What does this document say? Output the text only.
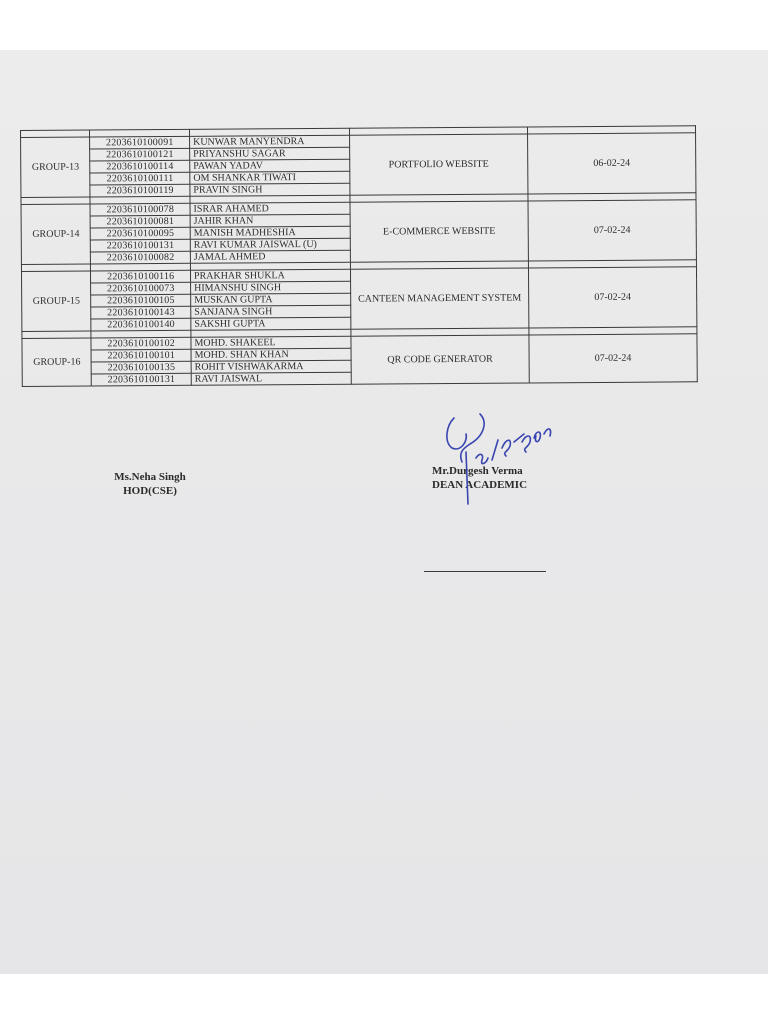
GROUP-13	2203610100091	KUNWAR MANYENDRA	PORTFOLIO WEBSITE	06-02-24
	2203610100121	PRIYANSHU SAGAR		
	2203610100114	PAWAN YADAV		
	2203610100111	OM SHANKAR TIWATI		
	2203610100119	PRAVIN SINGH		

GROUP-14	2203610100078	ISRAR AHAMED	E-COMMERCE WEBSITE	07-02-24
	2203610100081	JAHIR KHAN		
	2203610100095	MANISH MADHESHIA		
	2203610100131	RAVI KUMAR JAISWAL (U)		
	2203610100082	JAMAL AHMED		

GROUP-15	2203610100116	PRAKHAR SHUKLA	CANTEEN MANAGEMENT SYSTEM	07-02-24
	2203610100073	HIMANSHU SINGH		
	2203610100105	MUSKAN GUPTA		
	2203610100143	SANJANA SINGH		
	2203610100140	SAKSHI GUPTA		

GROUP-16	2203610100102	MOHD. SHAKEEL	QR CODE GENERATOR	07-02-24
	2203610100101	MOHD. SHAN KHAN		
	2203610100135	ROHIT VISHWAKARMA		
	2203610100131	RAVI JAISWAL		
Ms.Neha Singh
HOD(CSE)
Mr.Durgesh Verma
DEAN ACADEMIC
